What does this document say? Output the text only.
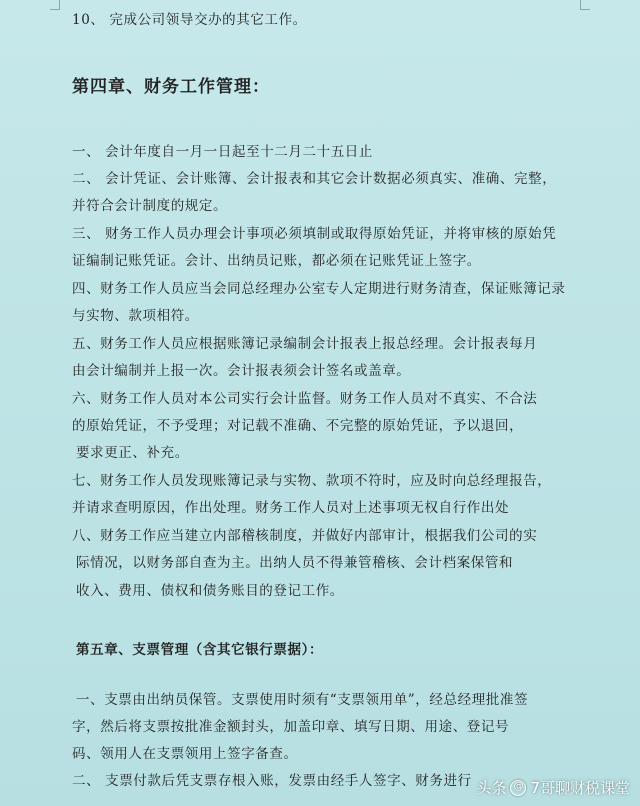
10、 完成公司领导交办的其它工作。
第四章、财务工作管理：
一、 会计年度自一月一日起至十二月二十五日止
二、 会计凭证、会计账簿、会计报表和其它会计数据必须真实、准确、完整，
并符合会计制度的规定。
三、 财务工作人员办理会计事项必须填制或取得原始凭证，并将审核的原始凭
证编制记账凭证。会计、出纳员记账，都必须在记账凭证上签字。
四、财务工作人员应当会同总经理办公室专人定期进行财务清查，保证账簿记录
与实物、款项相符。
五、财务工作人员应根据账簿记录编制会计报表上报总经理。会计报表每月
由会计编制并上报一次。会计报表须会计签名或盖章。
六、财务工作人员对本公司实行会计监督。财务工作人员对不真实、不合法
的原始凭证，不予受理；对记载不准确、不完整的原始凭证，予以退回，
要求更正、补充。
七、财务工作人员发现账簿记录与实物、款项不符时，应及时向总经理报告，
并请求查明原因，作出处理。财务工作人员对上述事项无权自行作出处
八、财务工作应当建立内部稽核制度，并做好内部审计，根据我们公司的实
际情况，以财务部自查为主。出纳人员不得兼管稽核、会计档案保管和
收入、费用、债权和债务账目的登记工作。
第五章、支票管理（含其它银行票据）：
一、支票由出纳员保管。支票使用时须有“支票领用单”，经总经理批准签
字，然后将支票按批准金额封头，加盖印章、填写日期、用途、登记号
码、领用人在支票领用上签字备查。
二、 支票付款后凭支票存根入账，发票由经手人签字、财务进行 头条 @ 7哥聊财税课堂
